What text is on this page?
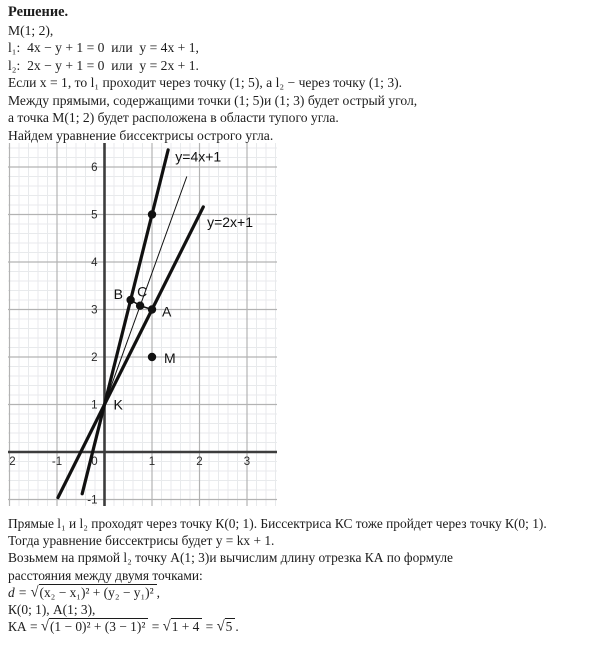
Решение.
М(1; 2),
l₁:  4x − y + 1 = 0  или  y = 4x + 1,
l₂:  2x − y + 1 = 0  или  y = 2x + 1.
Если x = 1, то l₁ проходит через точку (1; 5), а l₂ − через точку (1; 3).
Между прямыми, содержащими точки (1; 5)и (1; 3) будет острый угол,
а точка М(1; 2) будет расположена в области тупого угла.
Найдем уравнение биссектрисы острого угла.
2	-1	0	1	2	3
-1
1
2
3
4
5
6
y=4x+1
y=2x+1
B C
A
M
K
Прямые l₁ и l₂ проходят через точку К(0; 1). Биссектриса КС тоже пройдет через точку К(0; 1).
Тогда уравнение биссектрисы будет y = kx + 1.
Возьмем на прямой l₂ точку А(1; 3)и вычислим длину отрезка КА по формуле
расстояния между двумя точками:
d = √(x₂ − x₁)² + (y₂ − y₁)² ,
К(0; 1), А(1; 3),
КА = √(1 − 0)² + (3 − 1)² = √1 + 4 = √5 .
